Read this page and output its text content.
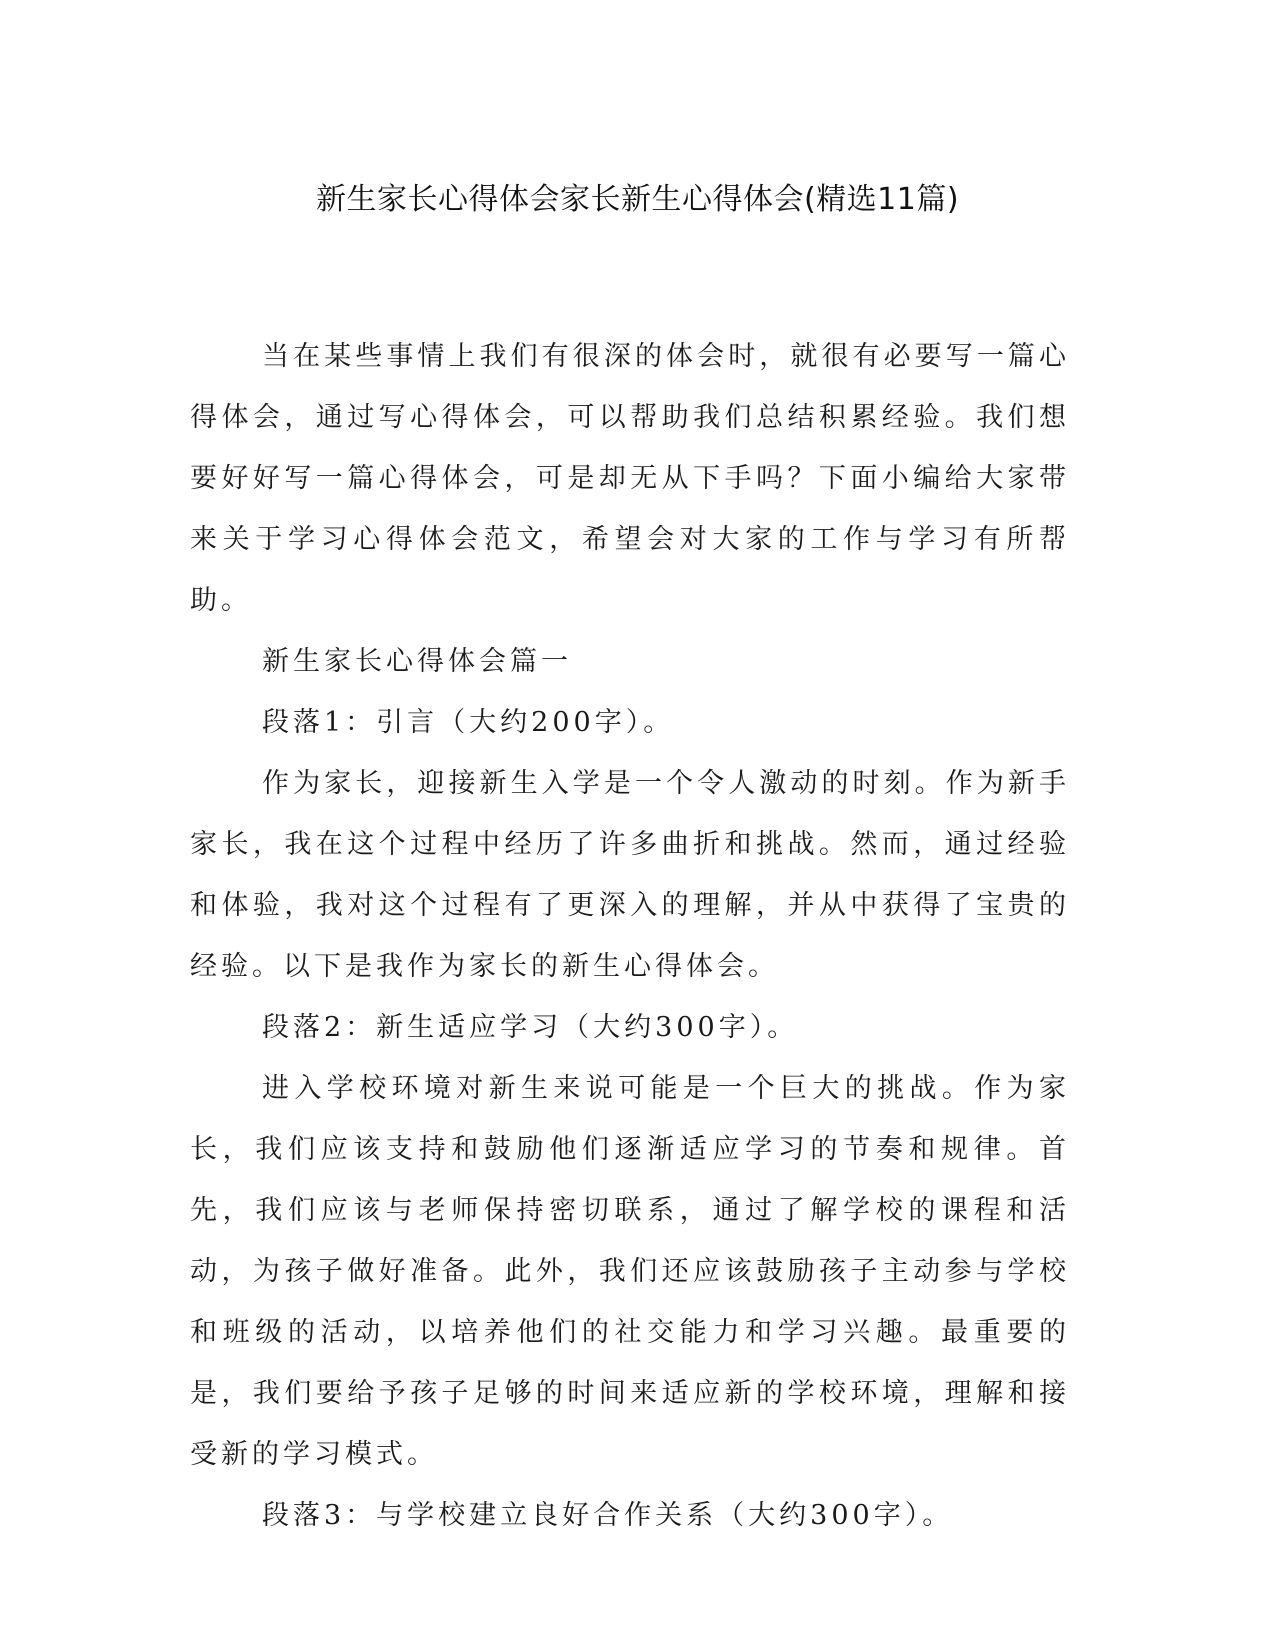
新生家长心得体会家长新生心得体会(精选11篇)

当在某些事情上我们有很深的体会时，就很有必要写一篇心得体会，通过写心得体会，可以帮助我们总结积累经验。我们想要好好写一篇心得体会，可是却无从下手吗？下面小编给大家带来关于学习心得体会范文，希望会对大家的工作与学习有所帮助。

新生家长心得体会篇一

段落1：引言（大约200字）。

作为家长，迎接新生入学是一个令人激动的时刻。作为新手家长，我在这个过程中经历了许多曲折和挑战。然而，通过经验和体验，我对这个过程有了更深入的理解，并从中获得了宝贵的经验。以下是我作为家长的新生心得体会。

段落2：新生适应学习（大约300字）。

进入学校环境对新生来说可能是一个巨大的挑战。作为家长，我们应该支持和鼓励他们逐渐适应学习的节奏和规律。首先，我们应该与老师保持密切联系，通过了解学校的课程和活动，为孩子做好准备。此外，我们还应该鼓励孩子主动参与学校和班级的活动，以培养他们的社交能力和学习兴趣。最重要的是，我们要给予孩子足够的时间来适应新的学校环境，理解和接受新的学习模式。

段落3：与学校建立良好合作关系（大约300字）。
